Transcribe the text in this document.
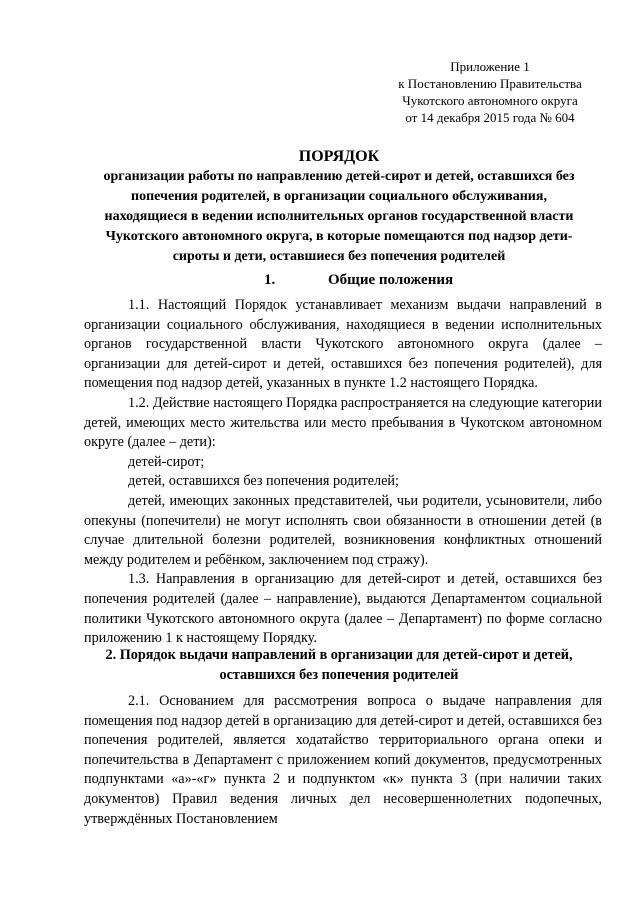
Приложение 1
к Постановлению Правительства
Чукотского автономного округа
от 14 декабря 2015 года № 604
ПОРЯДОК
организации работы по направлению детей-сирот и детей, оставшихся без
попечения родителей, в организации социального обслуживания,
находящиеся в ведении исполнительных органов государственной власти
Чукотского автономного округа, в которые помещаются под надзор дети-
сироты и дети, оставшиеся без попечения родителей
1.	Общие положения

1.1. Настоящий Порядок устанавливает механизм выдачи направлений в организации социального обслуживания, находящиеся в ведении исполнительных органов государственной власти Чукотского автономного округа (далее – организации для детей-сирот и детей, оставшихся без попечения родителей), для помещения под надзор детей, указанных в пункте 1.2 настоящего Порядка.

1.2. Действие настоящего Порядка распространяется на следующие категории детей, имеющих место жительства или место пребывания в Чукотском автономном округе (далее – дети):

детей-сирот;

детей, оставшихся без попечения родителей;

детей, имеющих законных представителей, чьи родители, усыновители, либо опекуны (попечители) не могут исполнять свои обязанности в отношении детей (в случае длительной болезни родителей, возникновения конфликтных отношений между родителем и ребёнком, заключением под стражу).

1.3. Направления в организацию для детей-сирот и детей, оставшихся без попечения родителей (далее – направление), выдаются Департаментом социальной политики Чукотского автономного округа (далее – Департамент) по форме согласно приложению 1 к настоящему Порядку.

2. Порядок выдачи направлений в организации для детей-сирот и детей,
оставшихся без попечения родителей

2.1. Основанием для рассмотрения вопроса о выдаче направления для помещения под надзор детей в организацию для детей-сирот и детей, оставшихся без попечения родителей, является ходатайство территориального органа опеки и попечительства в Департамент с приложением копий документов, предусмотренных подпунктами «а»-«г» пункта 2 и подпунктом «к» пункта 3 (при наличии таких документов) Правил ведения личных дел несовершеннолетних подопечных, утверждённых Постановлением
